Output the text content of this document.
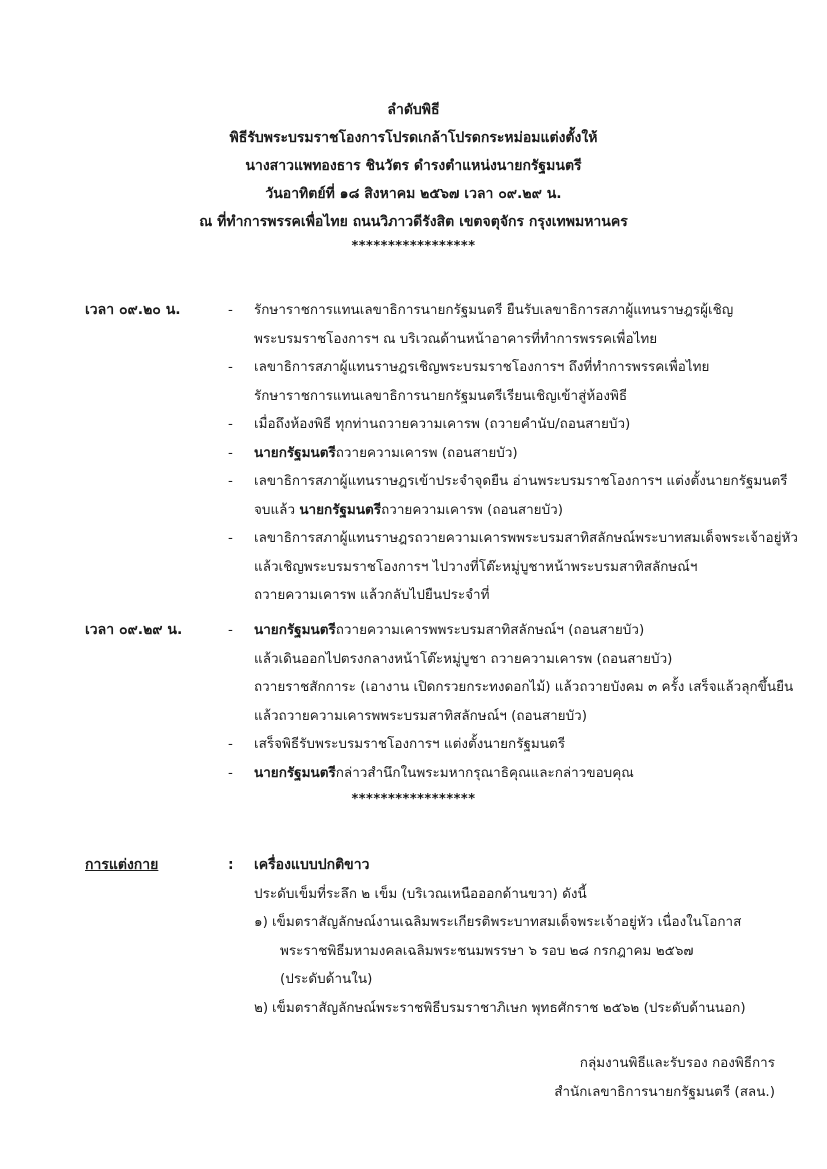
ลำดับพิธี
พิธีรับพระบรมราชโองการโปรดเกล้าโปรดกระหม่อมแต่งตั้งให้
นางสาวแพทองธาร ชินวัตร ดำรงตำแหน่งนายกรัฐมนตรี
วันอาทิตย์ที่ ๑๘ สิงหาคม ๒๕๖๗ เวลา ๐๙.๒๙ น.
ณ ที่ทำการพรรคเพื่อไทย ถนนวิภาวดีรังสิต เขตจตุจักร กรุงเทพมหานคร
*****************
เวลา ๐๙.๒๐ น.	-	รักษาราชการแทนเลขาธิการนายกรัฐมนตรี ยืนรับเลขาธิการสภาผู้แทนราษฎรผู้เชิญ
พระบรมราชโองการฯ ณ บริเวณด้านหน้าอาคารที่ทำการพรรคเพื่อไทย
-	เลขาธิการสภาผู้แทนราษฎรเชิญพระบรมราชโองการฯ ถึงที่ทำการพรรคเพื่อไทย
รักษาราชการแทนเลขาธิการนายกรัฐมนตรีเรียนเชิญเข้าสู่ห้องพิธี
-	เมื่อถึงห้องพิธี ทุกท่านถวายความเคารพ (ถวายคำนับ/ถอนสายบัว)
-	นายกรัฐมนตรีถวายความเคารพ (ถอนสายบัว)
-	เลขาธิการสภาผู้แทนราษฎรเข้าประจำจุดยืน อ่านพระบรมราชโองการฯ แต่งตั้งนายกรัฐมนตรี
จบแล้ว นายกรัฐมนตรีถวายความเคารพ (ถอนสายบัว)
-	เลขาธิการสภาผู้แทนราษฎรถวายความเคารพพระบรมสาทิสลักษณ์พระบาทสมเด็จพระเจ้าอยู่หัว
แล้วเชิญพระบรมราชโองการฯ ไปวางที่โต๊ะหมู่บูชาหน้าพระบรมสาทิสลักษณ์ฯ
ถวายความเคารพ แล้วกลับไปยืนประจำที่
เวลา ๐๙.๒๙ น.	-	นายกรัฐมนตรีถวายความเคารพพระบรมสาทิสลักษณ์ฯ (ถอนสายบัว)
แล้วเดินออกไปตรงกลางหน้าโต๊ะหมู่บูชา ถวายความเคารพ (ถอนสายบัว)
ถวายราชสักการะ (เอางาน เปิดกรวยกระทงดอกไม้) แล้วถวายบังคม ๓ ครั้ง เสร็จแล้วลุกขึ้นยืน
แล้วถวายความเคารพพระบรมสาทิสลักษณ์ฯ (ถอนสายบัว)
-	เสร็จพิธีรับพระบรมราชโองการฯ แต่งตั้งนายกรัฐมนตรี
-	นายกรัฐมนตรีกล่าวสำนึกในพระมหากรุณาธิคุณและกล่าวขอบคุณ
*****************
การแต่งกาย	: เครื่องแบบปกติขาว
ประดับเข็มที่ระลึก ๒ เข็ม (บริเวณเหนือออกด้านขวา) ดังนี้
๑) เข็มตราสัญลักษณ์งานเฉลิมพระเกียรติพระบาทสมเด็จพระเจ้าอยู่หัว เนื่องในโอกาส
พระราชพิธีมหามงคลเฉลิมพระชนมพรรษา ๖ รอบ ๒๘ กรกฎาคม ๒๕๖๗
(ประดับด้านใน)
๒) เข็มตราสัญลักษณ์พระราชพิธีบรมราชาภิเษก พุทธศักราช ๒๕๖๒ (ประดับด้านนอก)
กลุ่มงานพิธีและรับรอง กองพิธีการ
สำนักเลขาธิการนายกรัฐมนตรี (สลน.)
